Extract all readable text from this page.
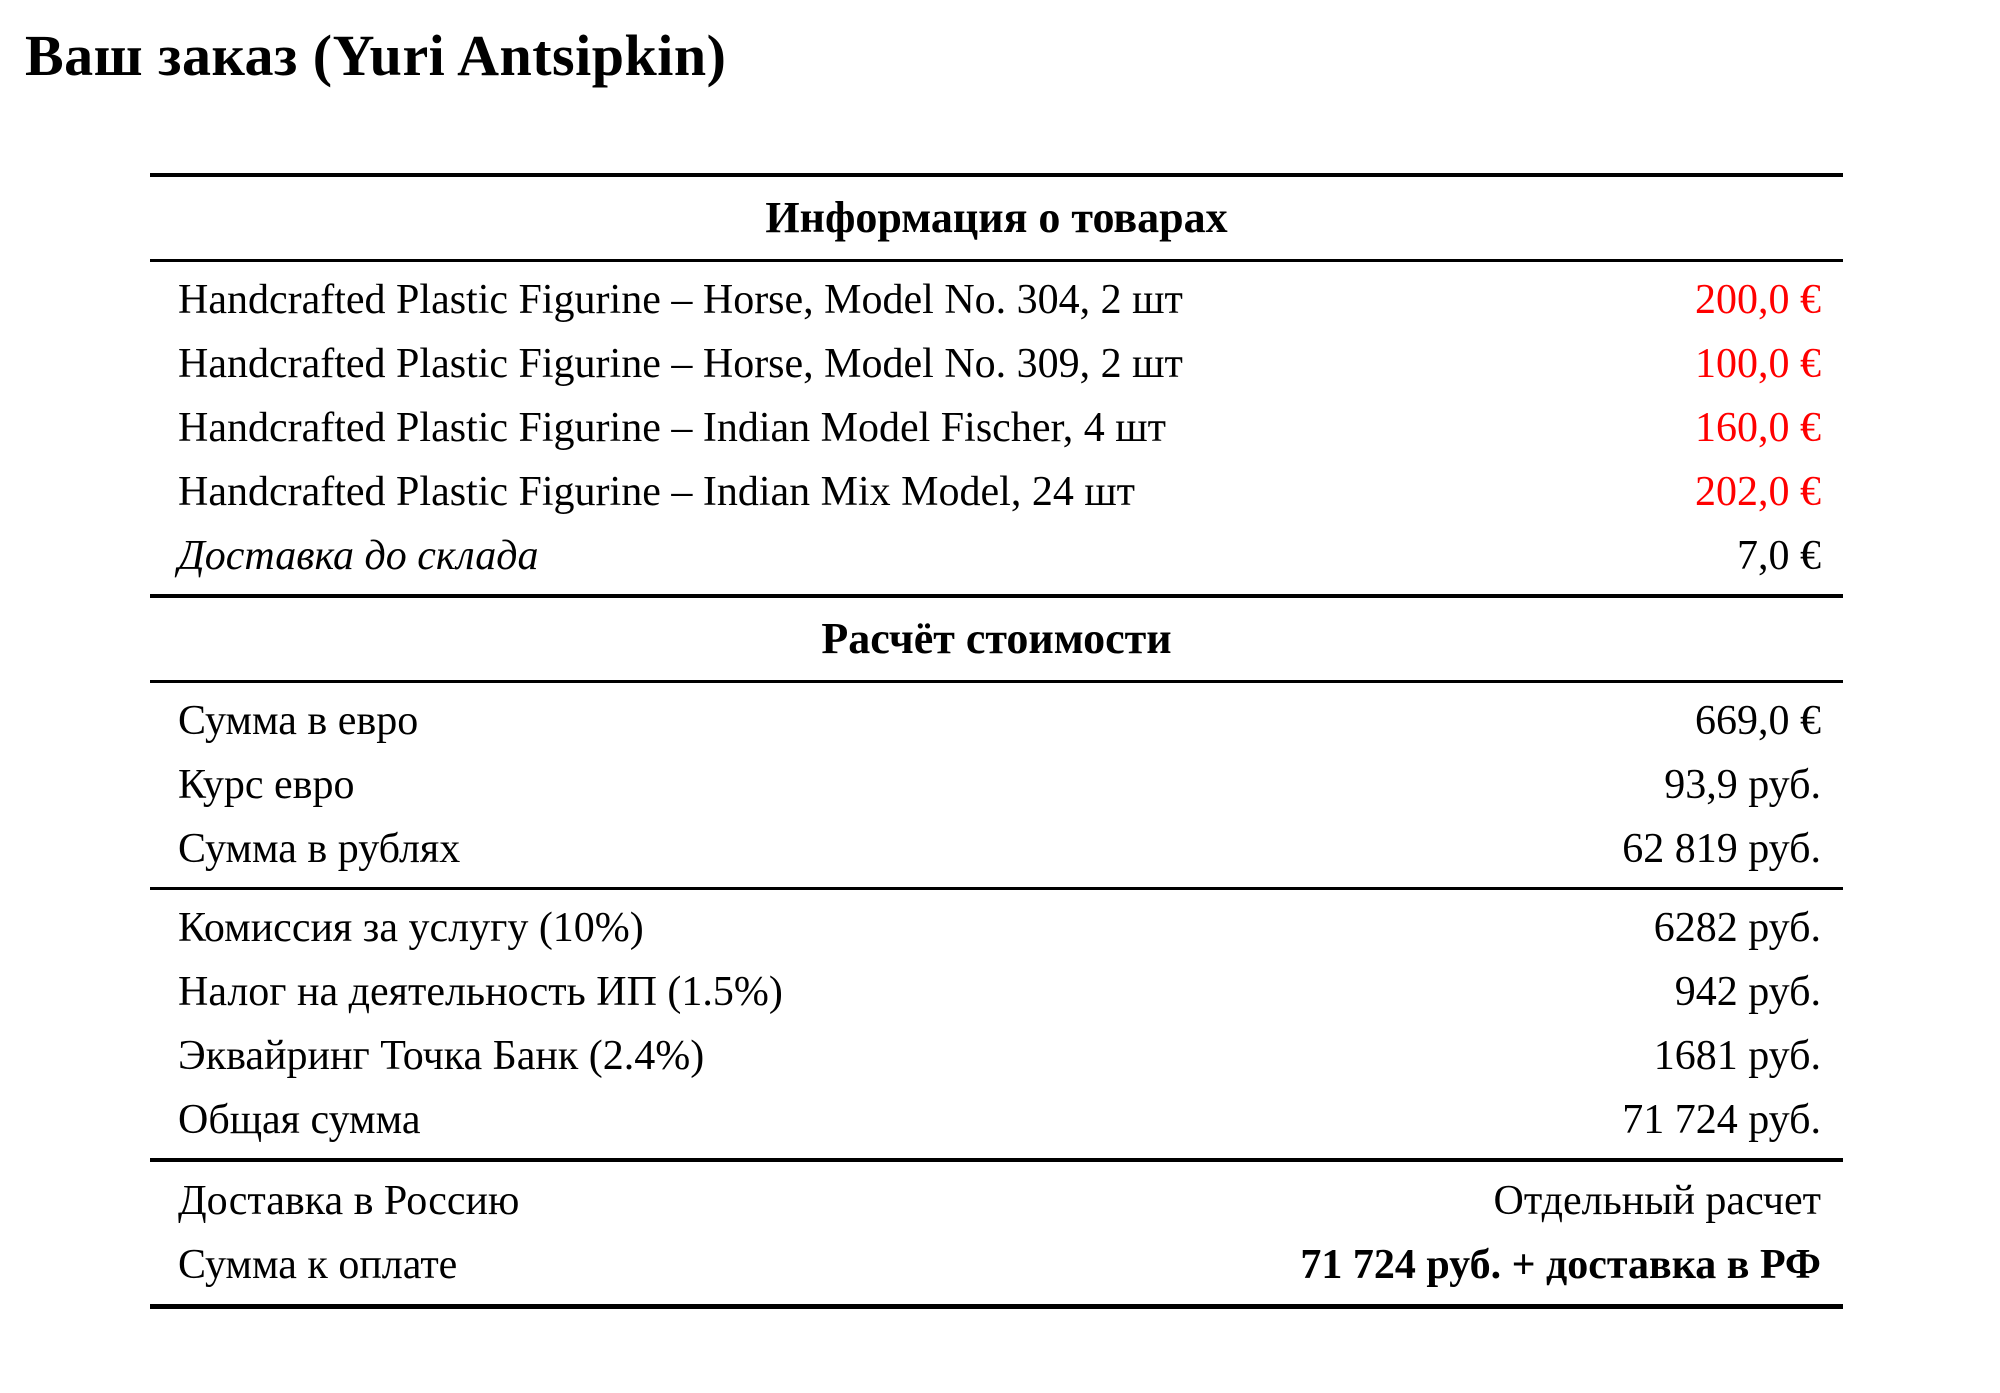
Ваш заказ (Yuri Antsipkin)
Информация о товарах
Handcrafted Plastic Figurine – Horse, Model No. 304, 2 шт	200,0 €
Handcrafted Plastic Figurine – Horse, Model No. 309, 2 шт	100,0 €
Handcrafted Plastic Figurine – Indian Model Fischer, 4 шт	160,0 €
Handcrafted Plastic Figurine – Indian Mix Model, 24 шт	202,0 €
Доставка до склада	7,0 €
Расчёт стоимости
Сумма в евро	669,0 €
Курс евро	93,9 руб.
Сумма в рублях	62 819 руб.
Комиссия за услугу (10%)	6282 руб.
Налог на деятельность ИП (1.5%)	942 руб.
Эквайринг Точка Банк (2.4%)	1681 руб.
Общая сумма	71 724 руб.
Доставка в Россию	Отдельный расчет
Сумма к оплате	71 724 руб. + доставка в РФ
